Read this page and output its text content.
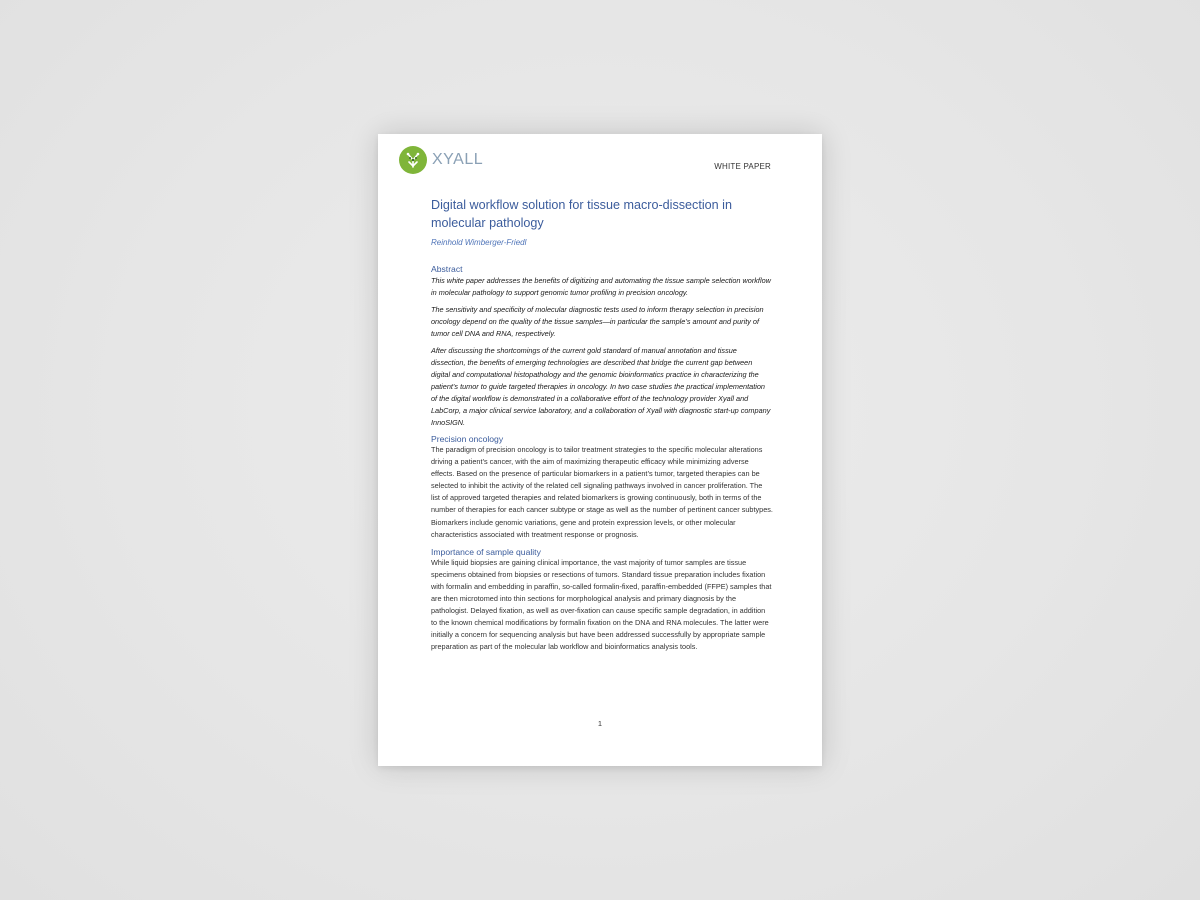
XYALL	WHITE PAPER
Digital workflow solution for tissue macro-dissection in molecular pathology
Reinhold Wimberger-Friedl
Abstract

This white paper addresses the benefits of digitizing and automating the tissue sample selection workflow in molecular pathology to support genomic tumor profiling in precision oncology.

The sensitivity and specificity of molecular diagnostic tests used to inform therapy selection in precision oncology depend on the quality of the tissue samples—in particular the sample’s amount and purity of tumor cell DNA and RNA, respectively.

After discussing the shortcomings of the current gold standard of manual annotation and tissue dissection, the benefits of emerging technologies are described that bridge the current gap between digital and computational histopathology and the genomic bioinformatics practice in characterizing the patient’s tumor to guide targeted therapies in oncology. In two case studies the practical implementation of the digital workflow is demonstrated in a collaborative effort of the technology provider Xyall and LabCorp, a major clinical service laboratory, and a collaboration of Xyall with diagnostic start-up company InnoSIGN.

Precision oncology

The paradigm of precision oncology is to tailor treatment strategies to the specific molecular alterations driving a patient’s cancer, with the aim of maximizing therapeutic efficacy while minimizing adverse effects. Based on the presence of particular biomarkers in a patient’s tumor, targeted therapies can be selected to inhibit the activity of the related cell signaling pathways involved in cancer proliferation. The list of approved targeted therapies and related biomarkers is growing continuously, both in terms of the number of therapies for each cancer subtype or stage as well as the number of pertinent cancer subtypes. Biomarkers include genomic variations, gene and protein expression levels, or other molecular characteristics associated with treatment response or prognosis.

Importance of sample quality

While liquid biopsies are gaining clinical importance, the vast majority of tumor samples are tissue specimens obtained from biopsies or resections of tumors. Standard tissue preparation includes fixation with formalin and embedding in paraffin, so-called formalin-fixed, paraffin-embedded (FFPE) samples that are then microtomed into thin sections for morphological analysis and primary diagnosis by the pathologist. Delayed fixation, as well as over-fixation can cause specific sample degradation, in addition to the known chemical modifications by formalin fixation on the DNA and RNA molecules. The latter were initially a concern for sequencing analysis but have been addressed successfully by appropriate sample preparation as part of the molecular lab workflow and bioinformatics analysis tools.

1
